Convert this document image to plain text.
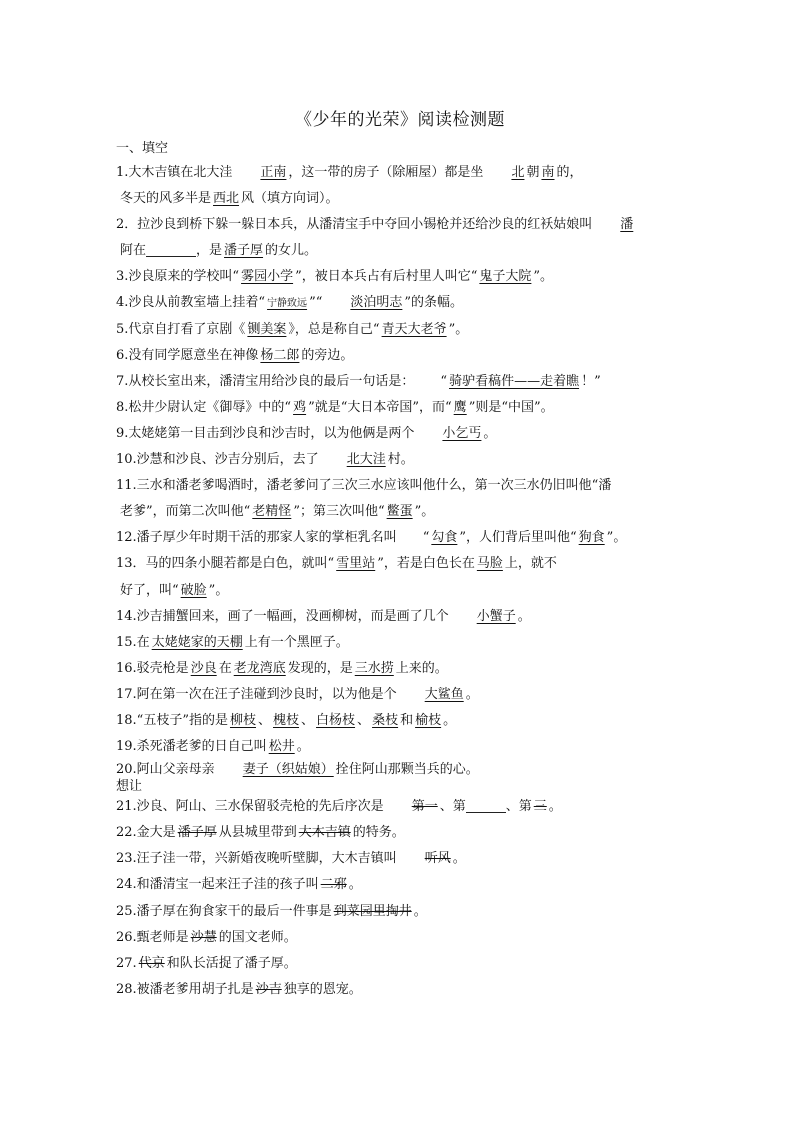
《少年的光荣》阅读检测题
一、填空
1.大木吉镇在北大洼 正南 ，这一带的房子（除厢屋）都是坐 北 朝 南 的，
冬天的风多半是 西北 风（填方向词）。
2．拉沙良到桥下躲一躲日本兵，从潘清宝手中夺回小锡枪并还给沙良的红袄姑娘叫 潘
阿在	，是 潘子厚 的女儿。
3.沙良原来的学校叫“ 雾园小学 ”，被日本兵占有后村里人叫它“ 鬼子大院 ”。
4.沙良从前教室墙上挂着“ 宁静致远 ”“ 淡泊明志 ”的条幅。
5.代京自打看了京剧《 铡美案 》，总是称自己“ 青天大老爷 ”。
6.没有同学愿意坐在神像 杨二郎 的旁边。
7.从校长室出来，潘清宝用给沙良的最后一句话是： “ 骑驴看稿件——走着瞧 ！”
8.松井少尉认定《御辱》中的“ 鸡 ”就是“大日本帝国”，而“ 鹰 ”则是“中国”。
9.太姥姥第一目击到沙良和沙吉时，以为他俩是两个 小乞丐 。
10.沙慧和沙良、沙吉分别后，去了 北大洼 村。
11.三水和潘老爹喝酒时，潘老爹问了三次三水应该叫他什么，第一次三水仍旧叫他“潘
老爹”，而第二次叫他“ 老精怪 ”；第三次叫他“ 鳖蛋 ”。
12.潘子厚少年时期干活的那家人家的掌柜乳名叫 “ 勾食 ”，人们背后里叫他“ 狗食 ”。
13．马的四条小腿若都是白色，就叫“ 雪里站 ”，若是白色长在 马脸 上，就不
好了，叫“ 破脸 ”。
14.沙吉捕蟹回来，画了一幅画，没画柳树，而是画了几个 小蟹子 。
15.在 太姥姥家的天棚 上有一个黑匣子。
16.驳壳枪是 沙良 在 老龙湾底 发现的，是 三水捞 上来的。
17.阿在第一次在汪子洼碰到沙良时，以为他是个 大鲨鱼 。
18.“五枝子”指的是 柳枝 、 槐枝 、 白杨枝 、 桑枝 和 榆枝 。
19.杀死潘老爹的日自己叫 松井 。
20.阿山父亲母亲 妻子（织姑娘） 拴住阿山那颗当兵的心。
想让
21.沙良、阿山、三水保留驳壳枪的先后序次是 第一 、第	、第 三 。
22.金大是 潘子厚 从县城里带到 大木吉镇 的特务。
23.汪子洼一带，兴新婚夜晚听壁脚，大木吉镇叫 听风 。
24.和潘清宝一起来汪子洼的孩子叫 二邪 。
25.潘子厚在狗食家干的最后一件事是 到菜园里掏井 。
26.甄老师是 沙慧 的国文老师。
27. 代京 和队长活捉了潘子厚。
28.被潘老爹用胡子扎是 沙吉 独享的恩宠。
